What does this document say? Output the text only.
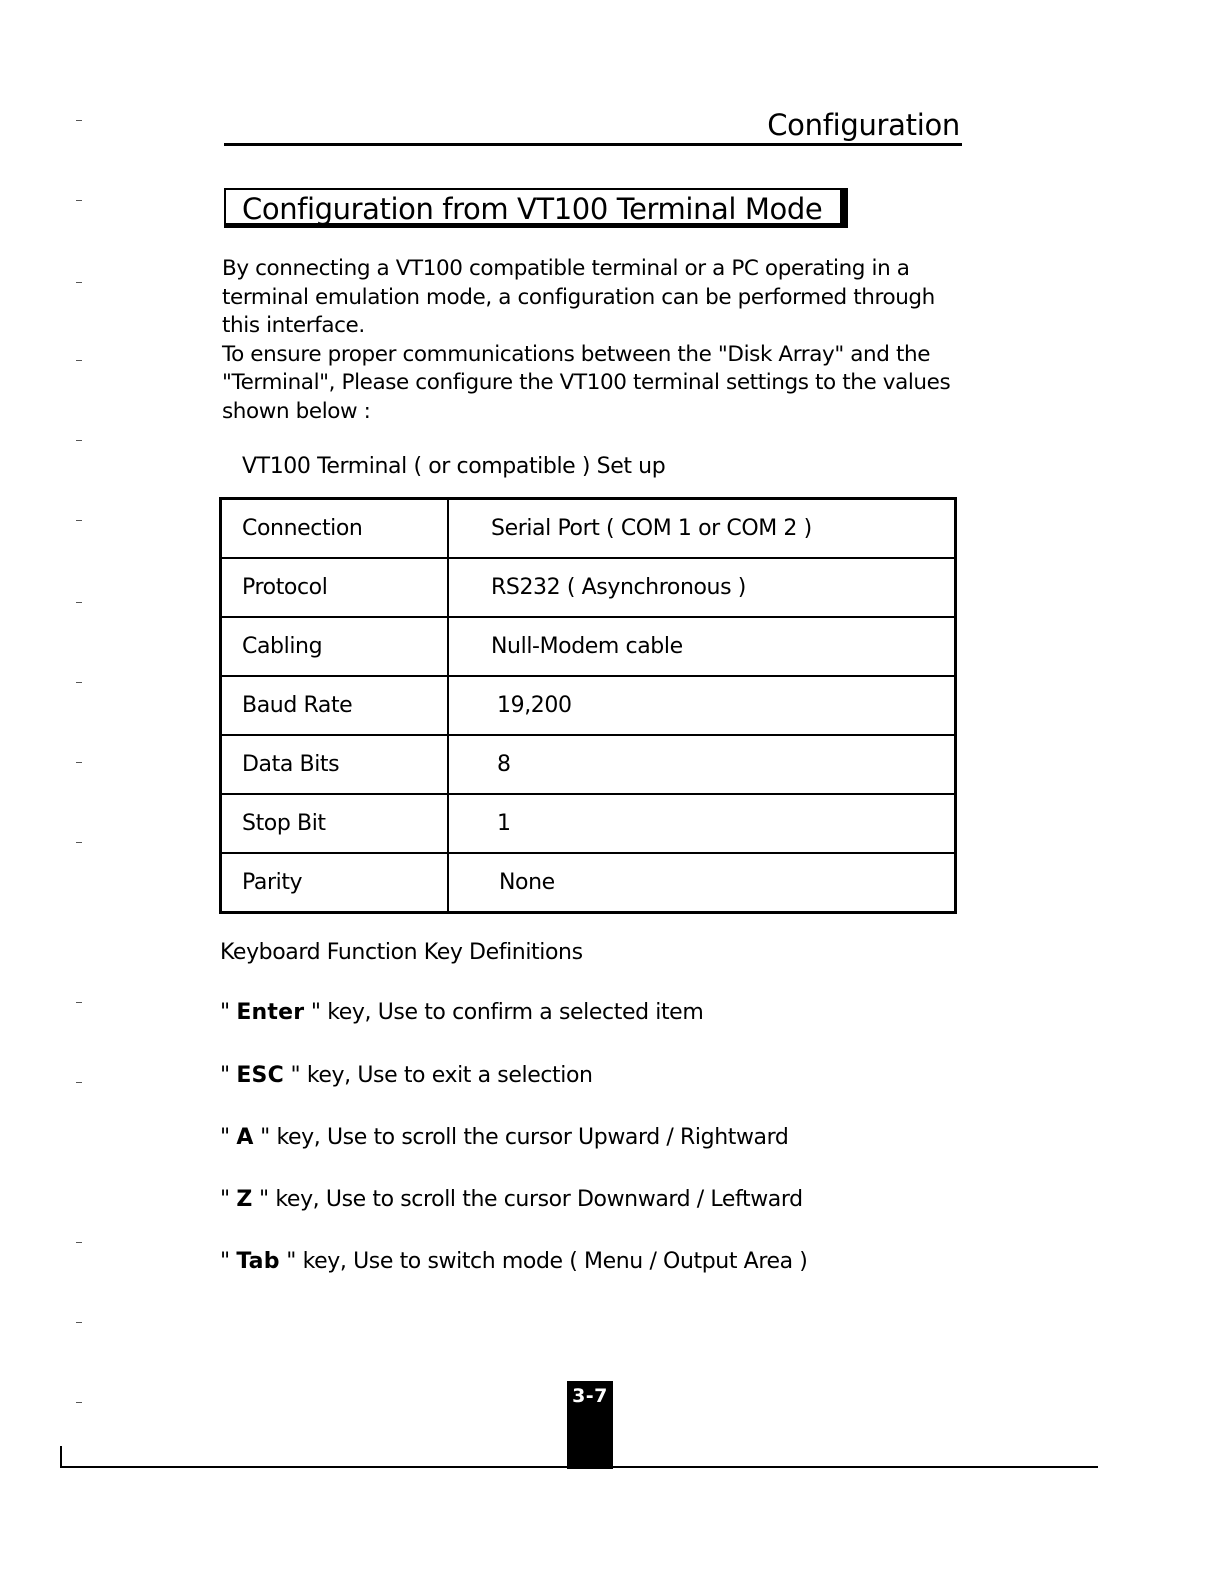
Configuration
Configuration from VT100 Terminal Mode

By connecting a VT100 compatible terminal or a PC operating in a terminal emulation mode, a configuration can be performed through this interface.

To ensure proper communications between the "Disk Array" and the "Terminal", Please configure the VT100 terminal settings to the values shown below :

VT100 Terminal ( or compatible ) Set up
Connection	Serial Port ( COM 1 or COM 2 )
Protocol	RS232 ( Asynchronous )
Cabling	Null-Modem cable
Baud Rate	19,200
Data Bits	8
Stop Bit	1
Parity	None
Keyboard Function Key Definitions
" Enter " key, Use to confirm a selected item
" ESC " key, Use to exit a selection
" A " key, Use to scroll the cursor Upward / Rightward
" Z " key, Use to scroll the cursor Downward / Leftward
" Tab " key, Use to switch mode ( Menu / Output Area )
3-7
